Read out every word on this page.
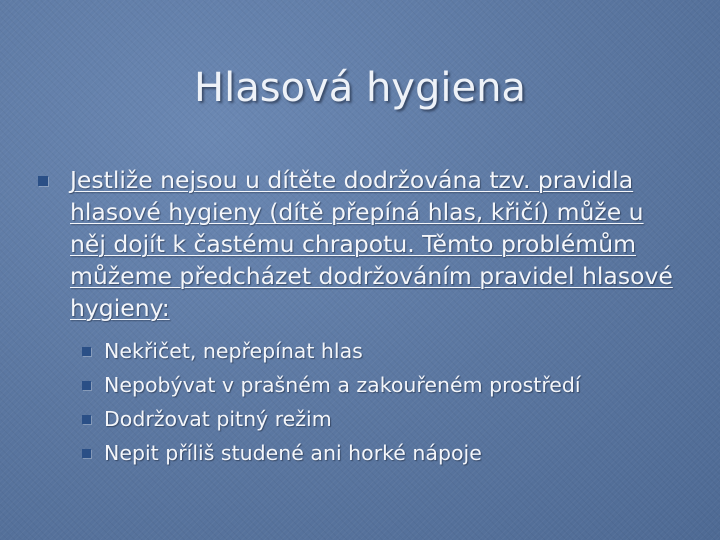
Hlasová hygiena
Jestliže nejsou u dítěte dodržována tzv. pravidla hlasové hygieny (dítě přepíná hlas, křičí) může u něj dojít k častému chrapotu. Těmto problémům můžeme předcházet dodržováním pravidel hlasové hygieny:
Nekřičet, nepřepínat hlas
Nepobývat v prašném a zakouřeném prostředí
Dodržovat pitný režim
Nepit příliš studené ani horké nápoje
